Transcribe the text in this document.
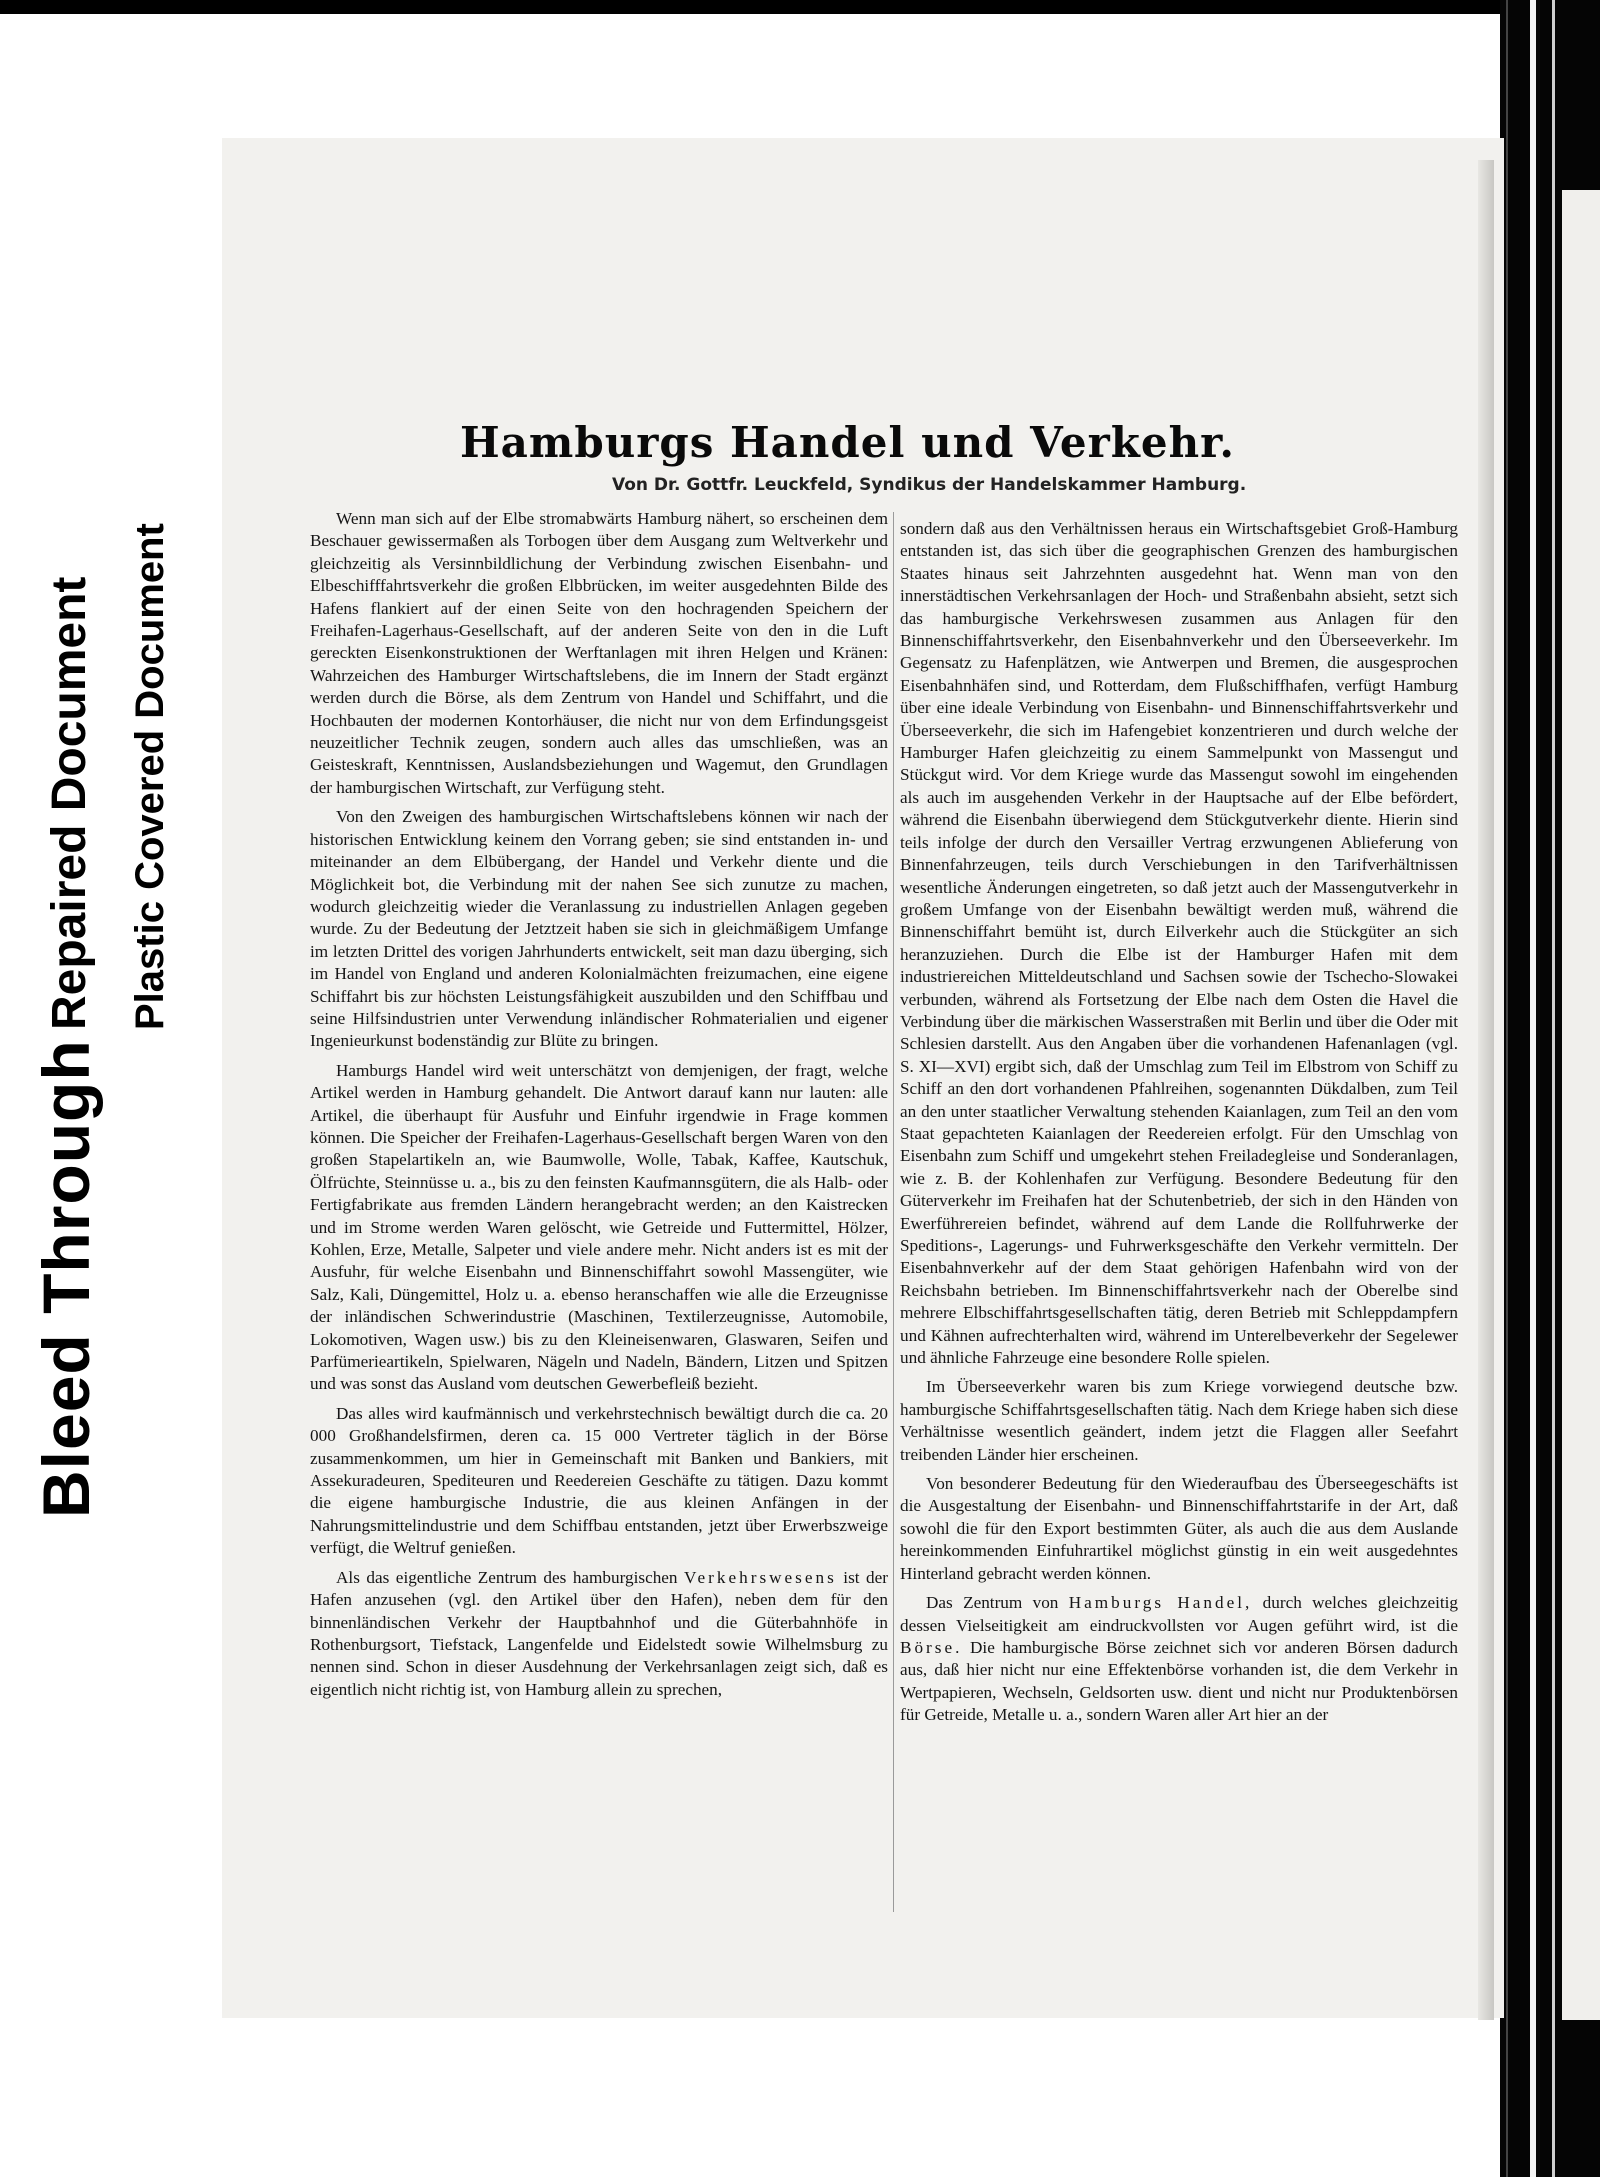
Bleed Through
Repaired Document Plastic Covered Document
Hamburgs Handel und Verkehr.
Von Dr. Gottfr. Leuckfeld, Syndikus der Handelskammer Hamburg.

Wenn man sich auf der Elbe stromabwärts Hamburg nähert, so erscheinen dem Beschauer gewissermaßen als Torbogen über dem Ausgang zum Weltverkehr und gleichzeitig als Versinnbildlichung der Verbindung zwischen Eisenbahn- und Elbeschifffahrtsverkehr die großen Elbbrücken, im weiter ausgedehnten Bilde des Hafens flankiert auf der einen Seite von den hochragenden Speichern der Freihafen-Lagerhaus-Gesellschaft, auf der anderen Seite von den in die Luft gereckten Eisenkonstruktionen der Werftanlagen mit ihren Helgen und Kränen: Wahrzeichen des Hamburger Wirtschaftslebens, die im Innern der Stadt ergänzt werden durch die Börse, als dem Zentrum von Handel und Schiffahrt, und die Hochbauten der modernen Kontorhäuser, die nicht nur von dem Erfindungsgeist neuzeitlicher Technik zeugen, sondern auch alles das umschließen, was an Geisteskraft, Kenntnissen, Auslandsbeziehungen und Wagemut, den Grundlagen der hamburgischen Wirtschaft, zur Verfügung steht.

Von den Zweigen des hamburgischen Wirtschaftslebens können wir nach der historischen Entwicklung keinem den Vorrang geben; sie sind entstanden in- und miteinander an dem Elbübergang, der Handel und Verkehr diente und die Möglichkeit bot, die Verbindung mit der nahen See sich zunutze zu machen, wodurch gleichzeitig wieder die Veranlassung zu industriellen Anlagen gegeben wurde. Zu der Bedeutung der Jetztzeit haben sie sich in gleichmäßigem Umfange im letzten Drittel des vorigen Jahrhunderts entwickelt, seit man dazu überging, sich im Handel von England und anderen Kolonialmächten freizumachen, eine eigene Schiffahrt bis zur höchsten Leistungsfähigkeit auszubilden und den Schiffbau und seine Hilfsindustrien unter Verwendung inländischer Rohmaterialien und eigener Ingenieurkunst bodenständig zur Blüte zu bringen.

Hamburgs Handel wird weit unterschätzt von demjenigen, der fragt, welche Artikel werden in Hamburg gehandelt. Die Antwort darauf kann nur lauten: alle Artikel, die überhaupt für Ausfuhr und Einfuhr irgendwie in Frage kommen können. Die Speicher der Freihafen-Lagerhaus-Gesellschaft bergen Waren von den großen Stapelartikeln an, wie Baumwolle, Wolle, Tabak, Kaffee, Kautschuk, Ölfrüchte, Steinnüsse u. a., bis zu den feinsten Kaufmannsgütern, die als Halb- oder Fertigfabrikate aus fremden Ländern herangebracht werden; an den Kaistrecken und im Strome werden Waren gelöscht, wie Getreide und Futtermittel, Hölzer, Kohlen, Erze, Metalle, Salpeter und viele andere mehr. Nicht anders ist es mit der Ausfuhr, für welche Eisenbahn und Binnenschiffahrt sowohl Massengüter, wie Salz, Kali, Düngemittel, Holz u. a. ebenso heranschaffen wie alle die Erzeugnisse der inländischen Schwerindustrie (Maschinen, Textilerzeugnisse, Automobile, Lokomotiven, Wagen usw.) bis zu den Kleineisenwaren, Glaswaren, Seifen und Parfümerieartikeln, Spielwaren, Nägeln und Nadeln, Bändern, Litzen und Spitzen und was sonst das Ausland vom deutschen Gewerbefleiß bezieht.

Das alles wird kaufmännisch und verkehrstechnisch bewältigt durch die ca. 20 000 Großhandelsfirmen, deren ca. 15 000 Vertreter täglich in der Börse zusammenkommen, um hier in Gemeinschaft mit Banken und Bankiers, mit Assekuradeuren, Spediteuren und Reedereien Geschäfte zu tätigen. Dazu kommt die eigene hamburgische Industrie, die aus kleinen Anfängen in der Nahrungsmittelindustrie und dem Schiffbau entstanden, jetzt über Erwerbszweige verfügt, die Weltruf genießen.

Als das eigentliche Zentrum des hamburgischen Verkehrswesens ist der Hafen anzusehen (vgl. den Artikel über den Hafen), neben dem für den binnenländischen Verkehr der Hauptbahnhof und die Güterbahnhöfe in Rothenburgsort, Tiefstack, Langenfelde und Eidelstedt sowie Wilhelmsburg zu nennen sind. Schon in dieser Ausdehnung der Verkehrsanlagen zeigt sich, daß es eigentlich nicht richtig ist, von Hamburg allein zu sprechen,

sondern daß aus den Verhältnissen heraus ein Wirtschaftsgebiet Groß-Hamburg entstanden ist, das sich über die geographischen Grenzen des hamburgischen Staates hinaus seit Jahrzehnten ausgedehnt hat. Wenn man von den innerstädtischen Verkehrsanlagen der Hoch- und Straßenbahn absieht, setzt sich das hamburgische Verkehrswesen zusammen aus Anlagen für den Binnenschiffahrtsverkehr, den Eisenbahnverkehr und den Überseeverkehr. Im Gegensatz zu Hafenplätzen, wie Antwerpen und Bremen, die ausgesprochen Eisenbahnhäfen sind, und Rotterdam, dem Flußschiffhafen, verfügt Hamburg über eine ideale Verbindung von Eisenbahn- und Binnenschiffahrtsverkehr und Überseeverkehr, die sich im Hafengebiet konzentrieren und durch welche der Hamburger Hafen gleichzeitig zu einem Sammelpunkt von Massengut und Stückgut wird. Vor dem Kriege wurde das Massengut sowohl im eingehenden als auch im ausgehenden Verkehr in der Hauptsache auf der Elbe befördert, während die Eisenbahn überwiegend dem Stückgutverkehr diente. Hierin sind teils infolge der durch den Versailler Vertrag erzwungenen Ablieferung von Binnenfahrzeugen, teils durch Verschiebungen in den Tarifverhältnissen wesentliche Änderungen eingetreten, so daß jetzt auch der Massengutverkehr in großem Umfange von der Eisenbahn bewältigt werden muß, während die Binnenschiffahrt bemüht ist, durch Eilverkehr auch die Stückgüter an sich heranzuziehen. Durch die Elbe ist der Hamburger Hafen mit dem industriereichen Mitteldeutschland und Sachsen sowie der Tschecho-Slowakei verbunden, während als Fortsetzung der Elbe nach dem Osten die Havel die Verbindung über die märkischen Wasserstraßen mit Berlin und über die Oder mit Schlesien darstellt. Aus den Angaben über die vorhandenen Hafenanlagen (vgl. S. XI—XVI) ergibt sich, daß der Umschlag zum Teil im Elbstrom von Schiff zu Schiff an den dort vorhandenen Pfahlreihen, sogenannten Dükdalben, zum Teil an den unter staatlicher Verwaltung stehenden Kaianlagen, zum Teil an den vom Staat gepachteten Kaianlagen der Reedereien erfolgt. Für den Umschlag von Eisenbahn zum Schiff und umgekehrt stehen Freiladegleise und Sonderanlagen, wie z. B. der Kohlenhafen zur Verfügung. Besondere Bedeutung für den Güterverkehr im Freihafen hat der Schutenbetrieb, der sich in den Händen von Ewerführereien befindet, während auf dem Lande die Rollfuhrwerke der Speditions-, Lagerungs- und Fuhrwerksgeschäfte den Verkehr vermitteln. Der Eisenbahnverkehr auf der dem Staat gehörigen Hafenbahn wird von der Reichsbahn betrieben. Im Binnenschiffahrtsverkehr nach der Oberelbe sind mehrere Elbschiffahrtsgesellschaften tätig, deren Betrieb mit Schleppdampfern und Kähnen aufrechterhalten wird, während im Unterelbeverkehr der Segelewer und ähnliche Fahrzeuge eine besondere Rolle spielen.

Im Überseeverkehr waren bis zum Kriege vorwiegend deutsche bzw. hamburgische Schiffahrtsgesellschaften tätig. Nach dem Kriege haben sich diese Verhältnisse wesentlich geändert, indem jetzt die Flaggen aller Seefahrt treibenden Länder hier erscheinen.

Von besonderer Bedeutung für den Wiederaufbau des Überseegeschäfts ist die Ausgestaltung der Eisenbahn- und Binnenschiffahrtstarife in der Art, daß sowohl die für den Export bestimmten Güter, als auch die aus dem Auslande hereinkommenden Einfuhrartikel möglichst günstig in ein weit ausgedehntes Hinterland gebracht werden können.

Das Zentrum von Hamburgs Handel, durch welches gleichzeitig dessen Vielseitigkeit am eindruckvollsten vor Augen geführt wird, ist die Börse. Die hamburgische Börse zeichnet sich vor anderen Börsen dadurch aus, daß hier nicht nur eine Effektenbörse vorhanden ist, die dem Verkehr in Wertpapieren, Wechseln, Geldsorten usw. dient und nicht nur Produktenbörsen für Getreide, Metalle u. a., sondern Waren aller Art hier an der
